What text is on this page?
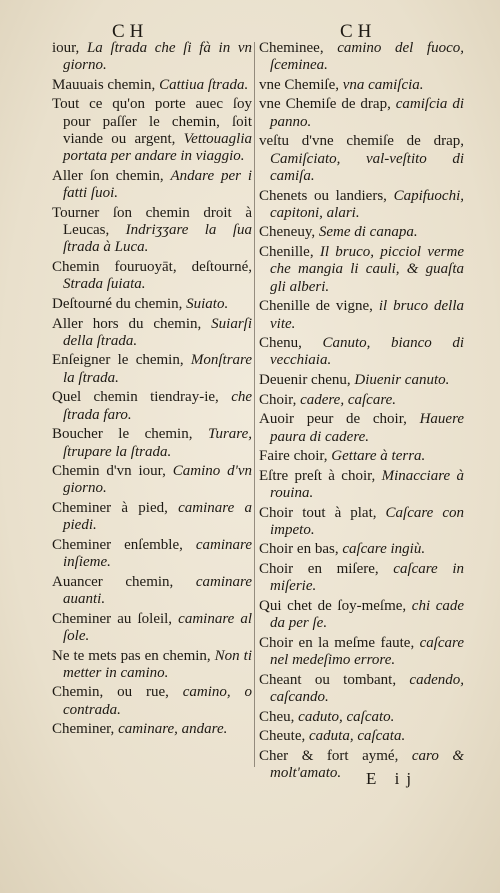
CH	CH
iour, La ſtrada che ſi fà in vn giorno.
Mauuais chemin, Cattiua ſtrada.
Tout ce qu'on porte auec ſoy pour paſſer le chemin, ſoit viande ou argent, Vettouaglia portata per andare in viaggio.
Aller ſon chemin, Andare per i fatti ſuoi.
Tourner ſon chemin droit à Leucas, Indriʒʒare la ſua ſtrada à Luca.
Chemin fouruoyāt, deſtourné, Strada ſuiata.
Deſtourné du chemin, Suiato.
Aller hors du chemin, Suiarſi della ſtrada.
Enſeigner le chemin, Monſtrare la ſtrada.
Quel chemin tiendray-ie, che ſtrada faro.
Boucher le chemin, Turare, ſtrupare la ſtrada.
Chemin d'vn iour, Camino d'vn giorno.
Cheminer à pied, caminare a piedi.
Cheminer enſemble, caminare inſieme.
Auancer chemin, caminare auanti.
Cheminer au ſoleil, caminare al ſole.
Ne te mets pas en chemin, Non ti metter in camino.
Chemin, ou rue, camino, o contrada.
Cheminer, caminare, andare.
Cheminee, camino del fuoco, ſceminea.
vne Chemiſe, vna camiſcia.
vne Chemiſe de drap, camiſcia di panno.
veſtu d'vne chemiſe de drap, Camiſciato, val-veſtito di camiſa.
Chenets ou landiers, Capifuochi, capitoni, alari.
Cheneuy, Seme di canapa.
Chenille, Il bruco, picciol verme che mangia li cauli, & guaſta gli alberi.
Chenille de vigne, il bruco della vite.
Chenu, Canuto, bianco di vecchiaia.
Deuenir chenu, Diuenir canuto.
Choir, cadere, caſcare.
Auoir peur de choir, Hauere paura di cadere.
Faire choir, Gettare à terra.
Eſtre preſt à choir, Minacciare à rouina.
Choir tout à plat, Caſcare con impeto.
Choir en bas, caſcare ingiù.
Choir en miſere, caſcare in miſerie.
Qui chet de ſoy-meſme, chi cade da per ſe.
Choir en la meſme faute, caſcare nel medeſimo errore.
Cheant ou tombant, cadendo, caſcando.
Cheu, caduto, caſcato.
Cheute, caduta, caſcata.
Cher & fort aymé, caro & molt'amato.	E ij
